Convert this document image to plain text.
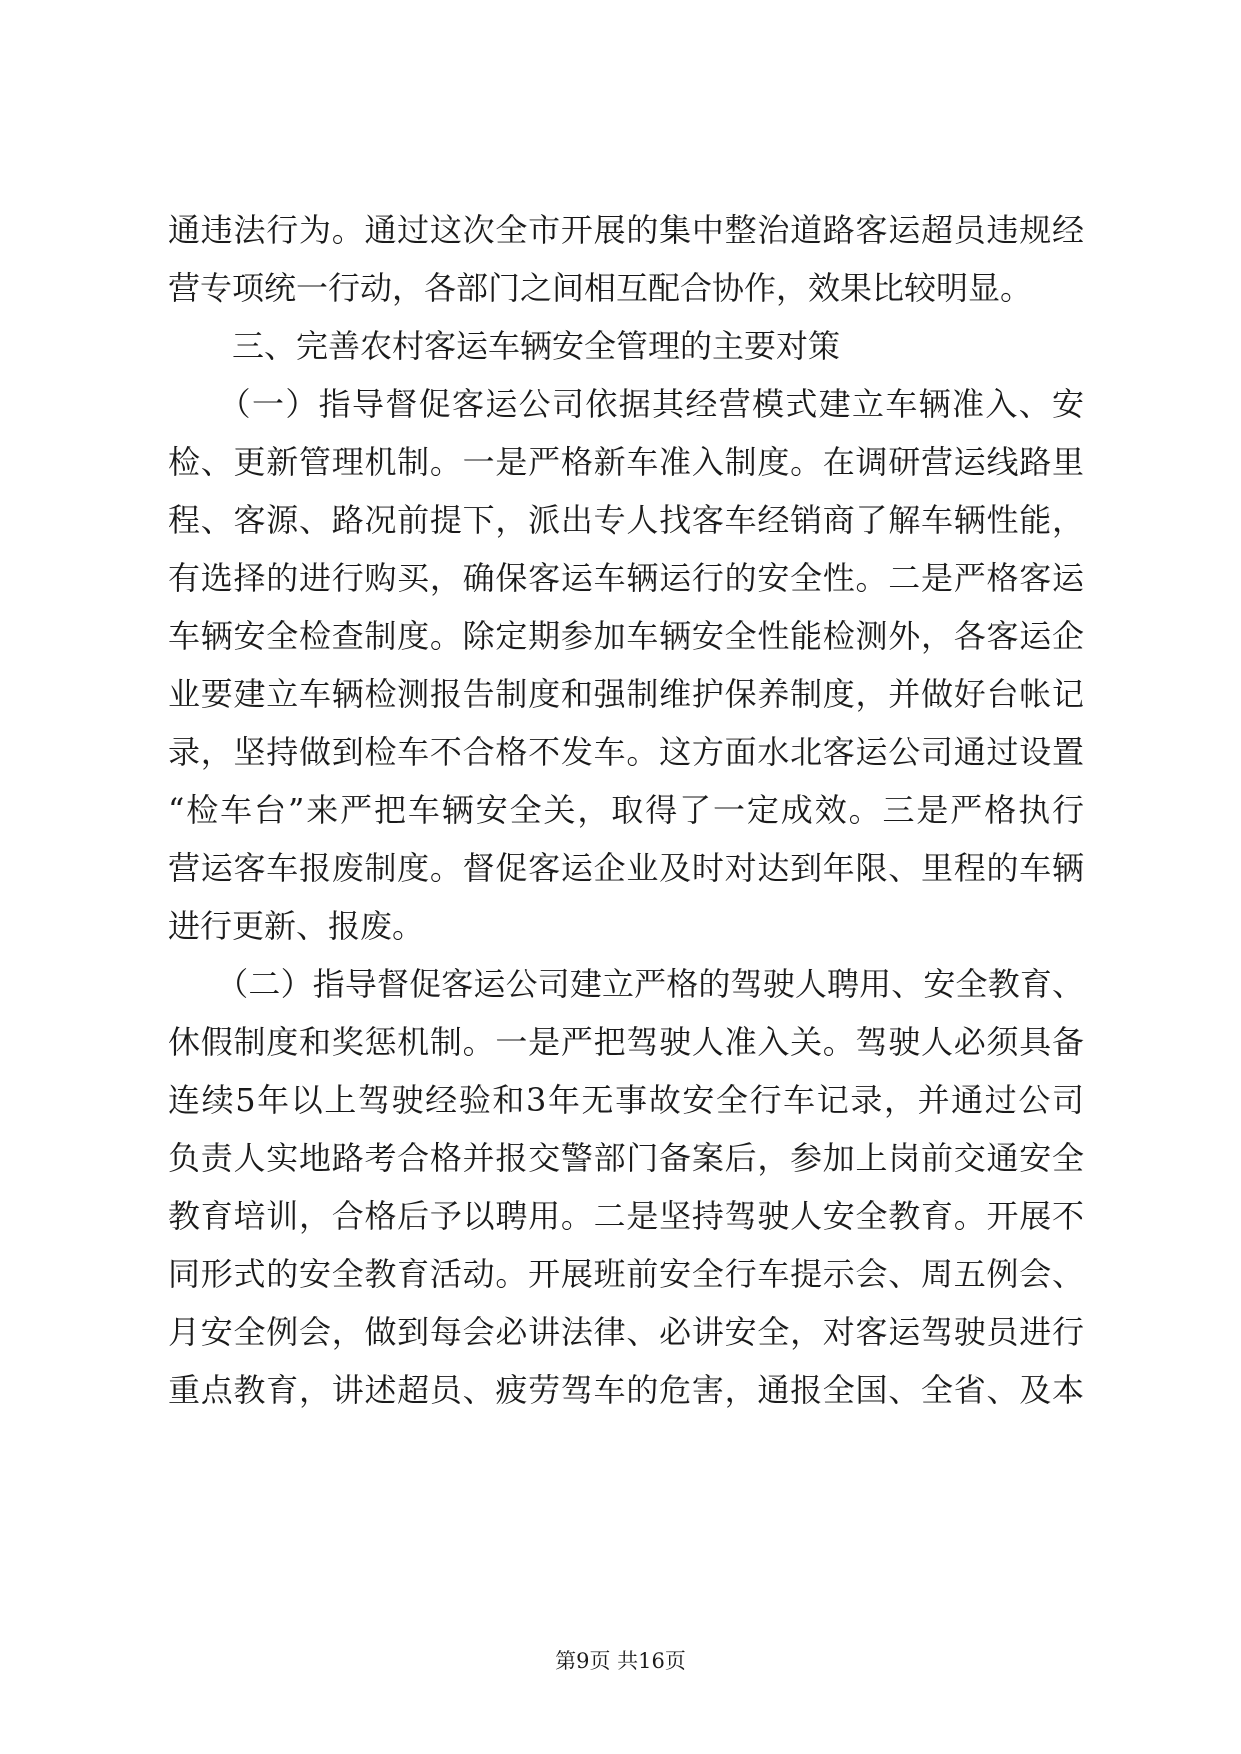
通违法行为。通过这次全市开展的集中整治道路客运超员违规经
营专项统一行动，各部门之间相互配合协作，效果比较明显。
　　三、完善农村客运车辆安全管理的主要对策
　　（一）指导督促客运公司依据其经营模式建立车辆准入、安
检、更新管理机制。一是严格新车准入制度。在调研营运线路里
程、客源、路况前提下，派出专人找客车经销商了解车辆性能，
有选择的进行购买，确保客运车辆运行的安全性。二是严格客运
车辆安全检查制度。除定期参加车辆安全性能检测外，各客运企
业要建立车辆检测报告制度和强制维护保养制度，并做好台帐记
录，坚持做到检车不合格不发车。这方面水北客运公司通过设置
“检车台”来严把车辆安全关，取得了一定成效。三是严格执行
营运客车报废制度。督促客运企业及时对达到年限、里程的车辆
进行更新、报废。
　　（二）指导督促客运公司建立严格的驾驶人聘用、安全教育、
休假制度和奖惩机制。一是严把驾驶人准入关。驾驶人必须具备
连续5年以上驾驶经验和3年无事故安全行车记录，并通过公司
负责人实地路考合格并报交警部门备案后，参加上岗前交通安全
教育培训，合格后予以聘用。二是坚持驾驶人安全教育。开展不
同形式的安全教育活动。开展班前安全行车提示会、周五例会、
月安全例会，做到每会必讲法律、必讲安全，对客运驾驶员进行
重点教育，讲述超员、疲劳驾车的危害，通报全国、全省、及本
第9页 共16页
